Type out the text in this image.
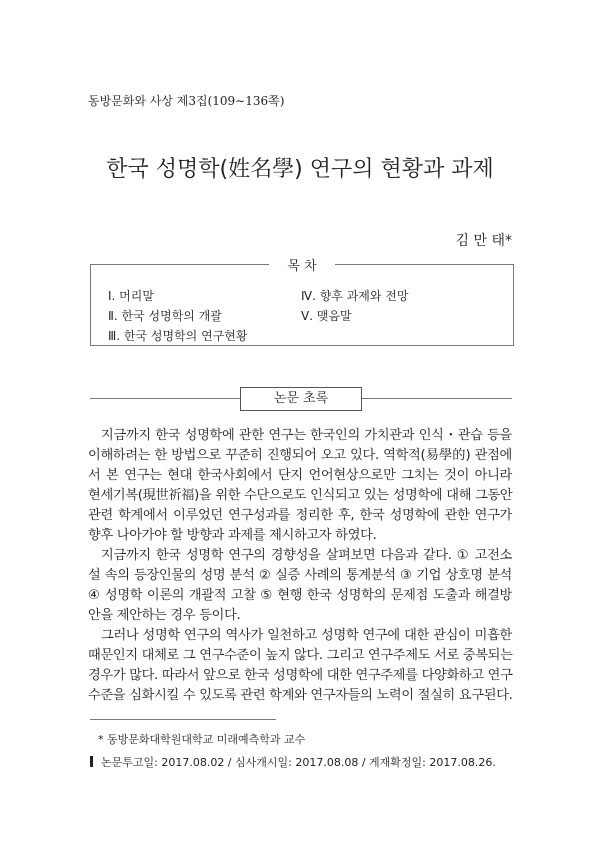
동방문화와 사상 제3집(109∼136쪽)
한국 성명학(姓名學) 연구의 현황과 과제
김 만 태*
목 차
Ⅰ. 머리말
Ⅱ. 한국 성명학의 개괄
Ⅲ. 한국 성명학의 연구현황
Ⅳ. 향후 과제와 전망
Ⅴ. 맺음말
논문 초록
지금까지 한국 성명학에 관한 연구는 한국인의 가치관과 인식・관습 등을
이해하려는 한 방법으로 꾸준히 진행되어 오고 있다. 역학적(易學的) 관점에
서 본 연구는 현대 한국사회에서 단지 언어현상으로만 그치는 것이 아니라
현세기복(現世祈福)을 위한 수단으로도 인식되고 있는 성명학에 대해 그동안
관련 학계에서 이루었던 연구성과를 정리한 후, 한국 성명학에 관한 연구가
향후 나아가야 할 방향과 과제를 제시하고자 하였다.
지금까지 한국 성명학 연구의 경향성을 살펴보면 다음과 같다. ① 고전소
설 속의 등장인물의 성명 분석 ② 실증 사례의 통계분석 ③ 기업 상호명 분석
④ 성명학 이론의 개괄적 고찰 ⑤ 현행 한국 성명학의 문제점 도출과 해결방
안을 제안하는 경우 등이다.
그러나 성명학 연구의 역사가 일천하고 성명학 연구에 대한 관심이 미흡한
때문인지 대체로 그 연구수준이 높지 않다. 그리고 연구주제도 서로 중복되는
경우가 많다. 따라서 앞으로 한국 성명학에 대한 연구주제를 다양화하고 연구
수준을 심화시킬 수 있도록 관련 학계와 연구자들의 노력이 절실히 요구된다.
* 동방문화대학원대학교 미래예측학과 교수
논문투고일: 2017.08.02 / 심사개시일: 2017.08.08 / 게재확정일: 2017.08.26.
